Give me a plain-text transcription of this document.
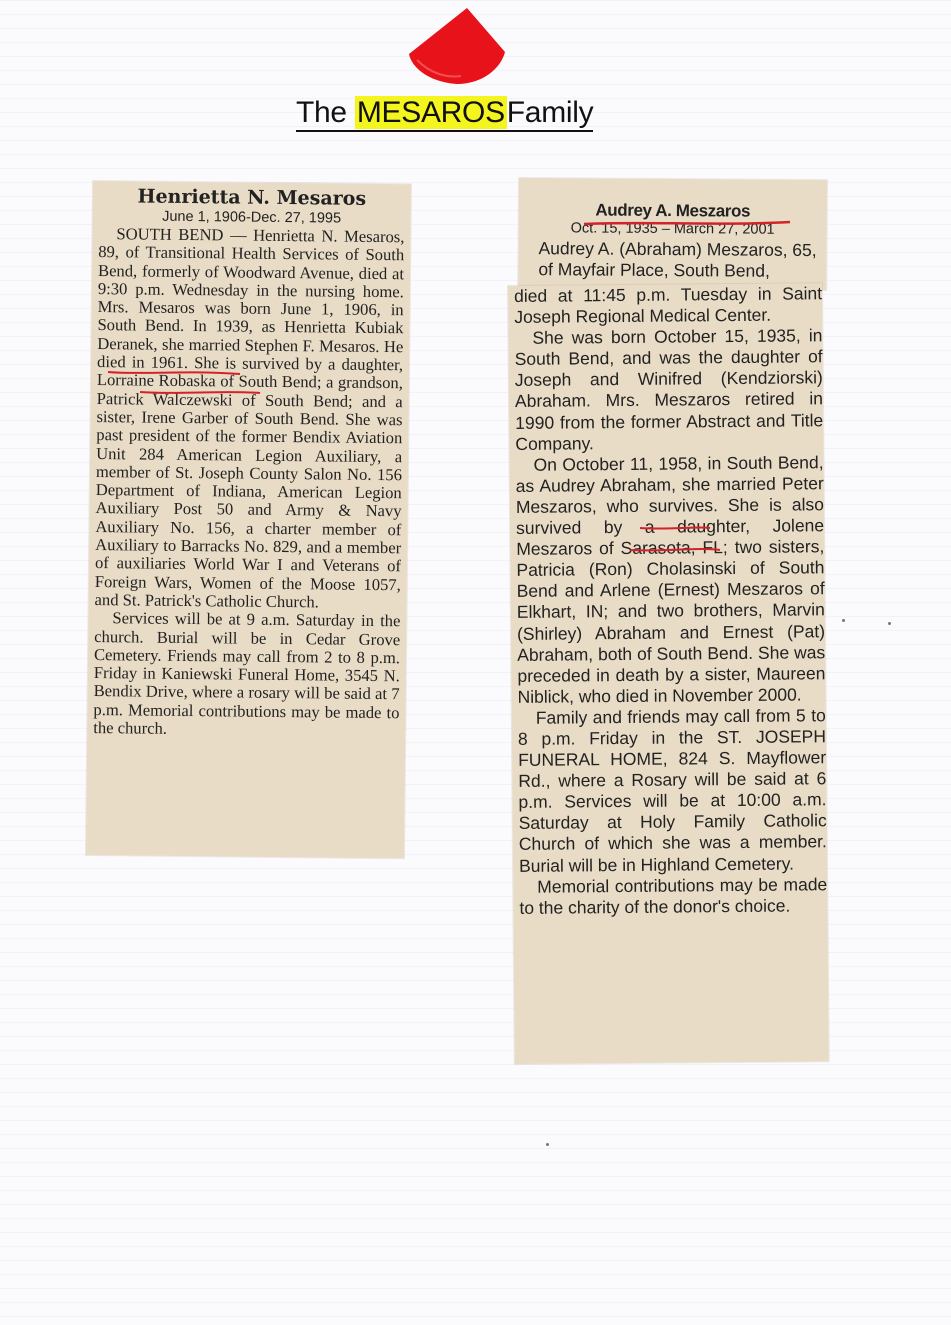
The MESAROSFamily
Henrietta N. Mesaros
June 1, 1906-Dec. 27, 1995

SOUTH BEND — Henrietta N. Mesaros, 89, of Transitional Health Services of South Bend, formerly of Woodward Avenue, died at 9:30 p.m. Wednesday in the nursing home. Mrs. Mesaros was born June 1, 1906, in South Bend. In 1939, as Henrietta Kubiak Deranek, she married Stephen F. Mesaros. He died in 1961. She is survived by a daughter, Lorraine Robaska of South Bend; a grandson, Patrick Walczewski of South Bend; and a sister, Irene Garber of South Bend. She was past president of the former Bendix Aviation Unit 284 American Legion Auxiliary, a member of St. Joseph County Salon No. 156 Department of Indiana, American Legion Auxiliary Post 50 and Army & Navy Auxiliary No. 156, a charter member of Auxiliary to Barracks No. 829, and a member of auxiliaries World War I and Veterans of Foreign Wars, Women of the Moose 1057, and St. Patrick's Catholic Church.

Services will be at 9 a.m. Saturday in the church. Burial will be in Cedar Grove Cemetery. Friends may call from 2 to 8 p.m. Friday in Kaniewski Funeral Home, 3545 N. Bendix Drive, where a rosary will be said at 7 p.m. Memorial contributions may be made to the church.

Audrey A. Meszaros
Oct. 15, 1935 – March 27, 2001
Audrey A. (Abraham) Meszaros, 65, of Mayfair Place, South Bend,

died at 11:45 p.m. Tuesday in Saint Joseph Regional Medical Center.

She was born October 15, 1935, in South Bend, and was the daughter of Joseph and Winifred (Kendziorski) Abraham. Mrs. Meszaros retired in 1990 from the former Abstract and Title Company.

On October 11, 1958, in South Bend, as Audrey Abraham, she married Peter Meszaros, who survives. She is also survived by a daughter, Jolene Meszaros of Sarasota, FL; two sisters, Patricia (Ron) Cholasinski of South Bend and Arlene (Ernest) Meszaros of Elkhart, IN; and two brothers, Marvin (Shirley) Abraham and Ernest (Pat) Abraham, both of South Bend. She was preceded in death by a sister, Maureen Niblick, who died in November 2000.

Family and friends may call from 5 to 8 p.m. Friday in the ST. JOSEPH FUNERAL HOME, 824 S. Mayflower Rd., where a Rosary will be said at 6 p.m. Services will be at 10:00 a.m. Saturday at Holy Family Catholic Church of which she was a member. Burial will be in Highland Cemetery.

Memorial contributions may be made to the charity of the donor's choice.
